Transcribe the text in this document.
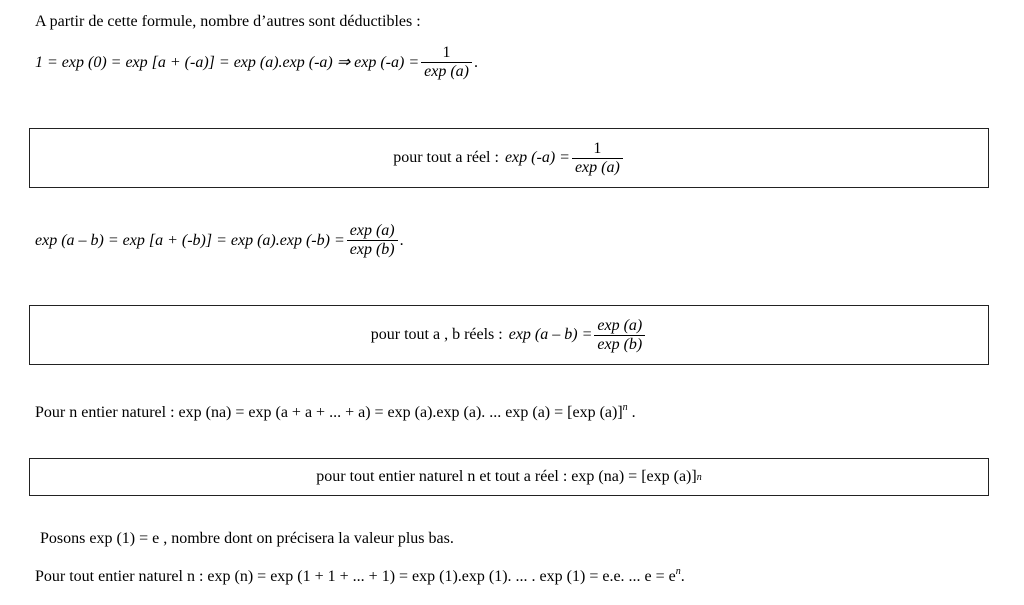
A partir de cette formule, nombre d’autres sont déductibles :
1 = exp (0) = exp [a + (-a)] = exp (a).exp (-a) ⇒ $\exp (-a) = \frac{1}{\exp (a)}$ .
pour tout a réel : $\exp (-a) = \frac{1}{\exp (a)}$
exp (a – b) = exp [a + (-b)] = exp (a).exp $(-b) = \frac{\exp (a)}{\exp (b)}$ .
pour tout a , b réels : $\exp (a - b) = \frac{\exp (a)}{\exp (b)}$
Pour n entier naturel : exp (na) = exp (a + a + ... + a) = exp (a).exp (a). ... exp (a) = [exp (a)]$^n$ .
pour tout entier naturel n et tout a réel : exp (na) = [exp (a)] n
Posons exp (1) = e , nombre dont on précisera la valeur plus bas.
Pour tout entier naturel n : exp (n) = exp (1 + 1 + ... + 1) = exp (1).exp (1). ... . exp (1) = e.e. ... $e = e^n$.
